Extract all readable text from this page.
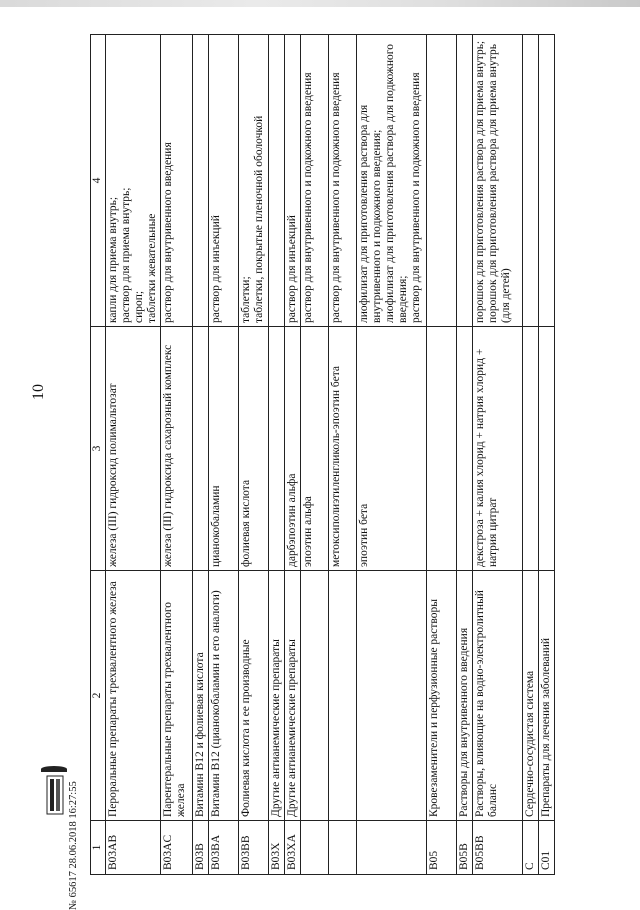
10
1	2	3	4
B03AB	Пероральные препараты трехвалентного железа	железа (III) гидроксид полимальтозат	капли для приема внутрь; раствор для приема внутрь; сироп; таблетки жевательные

B03AC	Парентеральные препараты трехвалентного железа	железа (III) гидроксида сахарозный комплекс	раствор для внутривенного введения

B03B	Витамин B12 и фолиевая кислота		
B03BA	Витамин B12 (цианокобаламин и его аналоги)	цианокобаламин	раствор для инъекций

B03BB	Фолиевая кислота и ее производные	фолиевая кислота	таблетки; таблетки, покрытые пленочной оболочкой

B03X	Другие антианемические препараты		
B03XA	Другие антианемические препараты	дарбэпоэтин альфа	раствор для инъекций

		эпоэтин альфа	раствор для внутривенного и подкожного введения

		метоксиполиэтиленгликоль-эпоэтин бета	раствор для внутривенного и подкожного введения

		эпоэтин бета	лиофилизат для приготовления раствора для внутривенного и подкожного введения; лиофилизат для приготовления раствора для подкожного введения; раствор для внутривенного и подкожного введения

B05	Кровезаменители и перфузионные растворы		
B05B	Растворы для внутривенного введения		
B05BB	Растворы, влияющие на водно-электролитный баланс	декстроза + калия хлорид + натрия хлорид + натрия цитрат	порошок для приготовления раствора для приема внутрь; порошок для приготовления раствора для приема внутрь (для детей)

C	Сердечно-сосудистая система		
C01	Препараты для лечения заболеваний		
№ 65617 28.06.2018 16:27:55
